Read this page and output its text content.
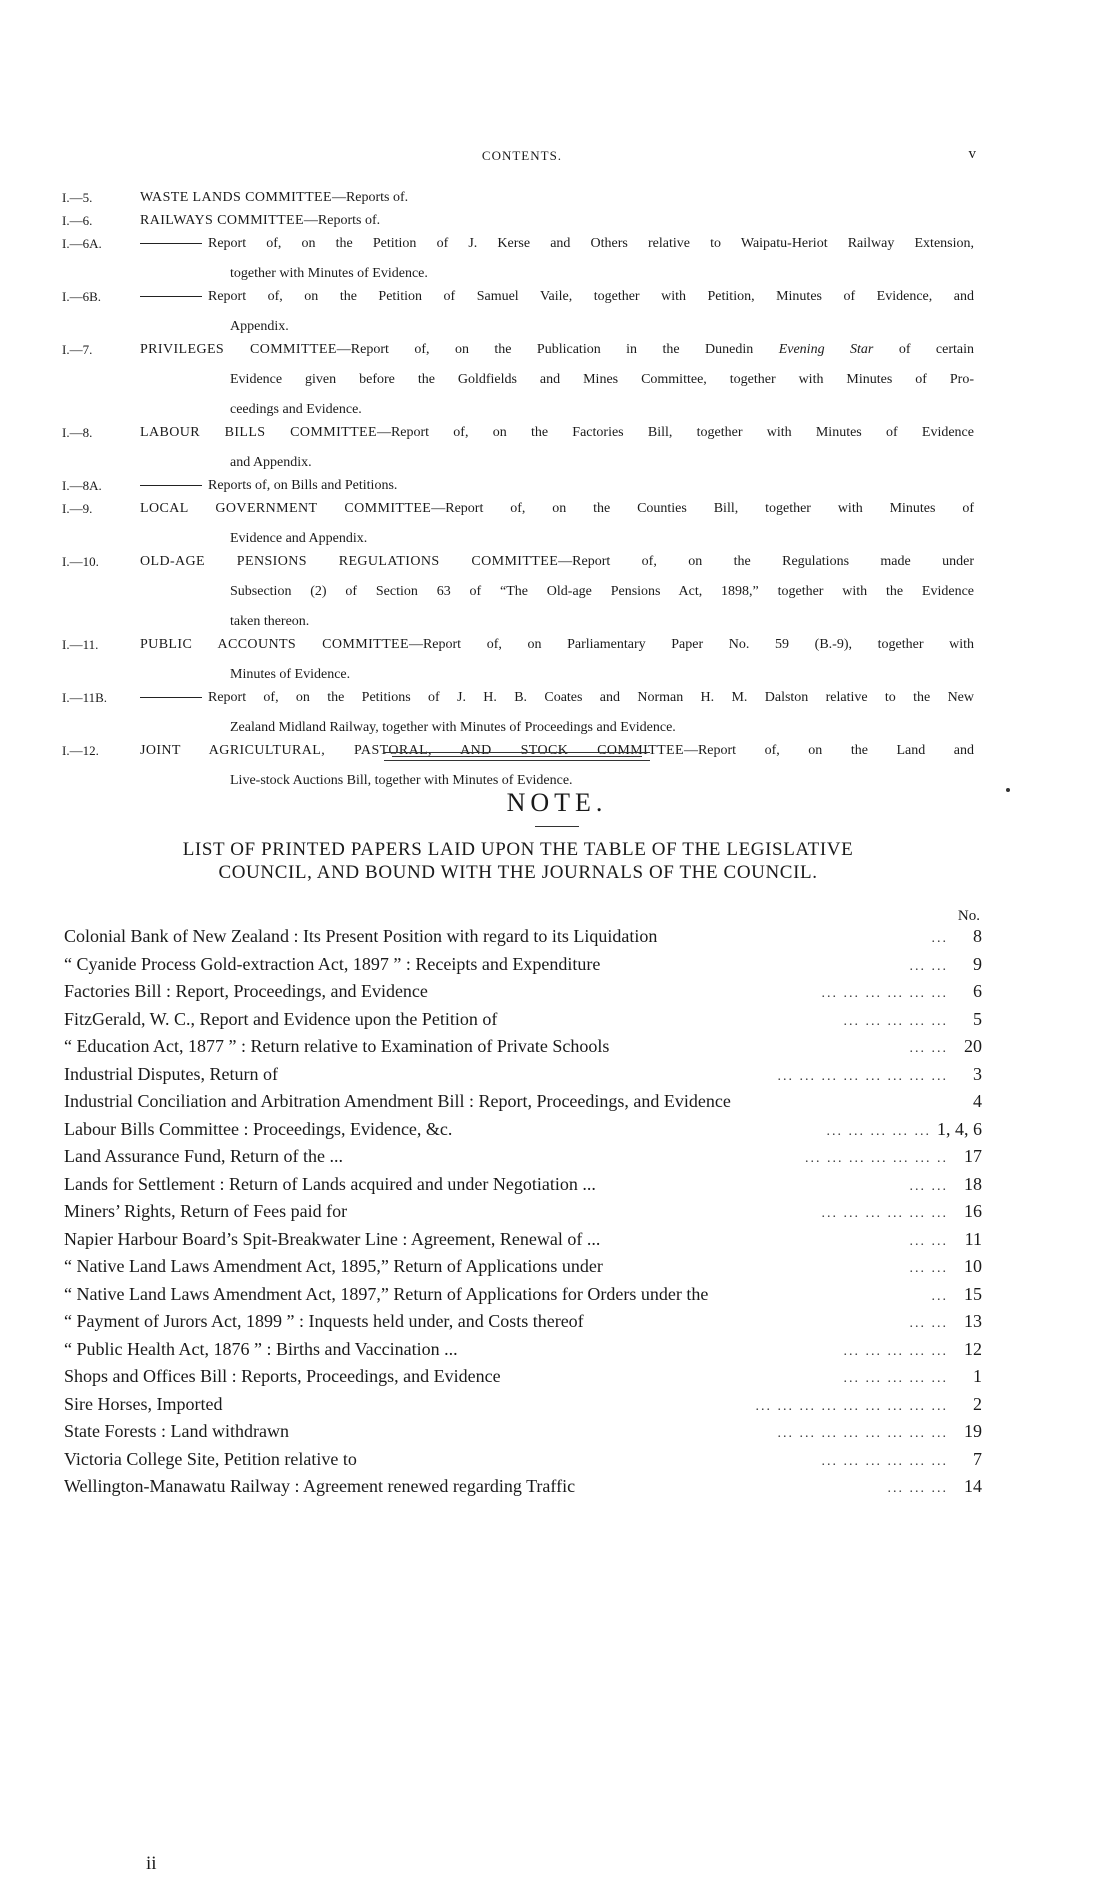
CONTENTS.	v
I.—5.	WASTE LANDS COMMITTEE—Reports of.
I.—6.	RAILWAYS COMMITTEE—Reports of.
I.—6A.	Report of, on the Petition of J. Kerse and Others relative to Waipatu-Heriot Railway Extension,
together with Minutes of Evidence.
I.—6B.	Report of, on the Petition of Samuel Vaile, together with Petition, Minutes of Evidence, and
Appendix.
I.—7.	PRIVILEGES COMMITTEE—Report of, on the Publication in the Dunedin Evening Star of certain
Evidence given before the Goldfields and Mines Committee, together with Minutes of Pro-
ceedings and Evidence.
I.—8.	LABOUR BILLS COMMITTEE—Report of, on the Factories Bill, together with Minutes of Evidence
and Appendix.
I.—8A.	Reports of, on Bills and Petitions.
I.—9.	LOCAL GOVERNMENT COMMITTEE—Report of, on the Counties Bill, together with Minutes of
Evidence and Appendix.
I.—10.	OLD-AGE PENSIONS REGULATIONS COMMITTEE—Report of, on the Regulations made under
Subsection (2) of Section 63 of “The Old-age Pensions Act, 1898,” together with the Evidence
taken thereon.
I.—11.	PUBLIC ACCOUNTS COMMITTEE—Report of, on Parliamentary Paper No. 59 (B.-9), together with
Minutes of Evidence.
I.—11B.	Report of, on the Petitions of J. H. B. Coates and Norman H. M. Dalston relative to the New
Zealand Midland Railway, together with Minutes of Proceedings and Evidence.
I.—12.	JOINT AGRICULTURAL, PASTORAL, AND STOCK COMMITTEE—Report of, on the Land and
Live-stock Auctions Bill, together with Minutes of Evidence.
NOTE.
LIST OF PRINTED PAPERS LAID UPON THE TABLE OF THE LEGISLATIVE
COUNCIL, AND BOUND WITH THE JOURNALS OF THE COUNCIL.
No.
Colonial Bank of New Zealand : Its Present Position with regard to its Liquidation	...	8
“ Cyanide Process Gold-extraction Act, 1897 ” : Receipts and Expenditure	... ...	9
Factories Bill : Report, Proceedings, and Evidence	... ... ... ... ... ...	6
FitzGerald, W. C., Report and Evidence upon the Petition of	... ... ... ... ...	5
“ Education Act, 1877 ” : Return relative to Examination of Private Schools	... ... 20
Industrial Disputes, Return of	... ... ... ... ... ... ... ...	3
Industrial Conciliation and Arbitration Amendment Bill : Report, Proceedings, and Evidence	4
Labour Bills Committee : Proceedings, Evidence, &c.	... ... ... ... ... 1, 4, 6
Land Assurance Fund, Return of the ...	... ... ... ... ... ... .. 17
Lands for Settlement : Return of Lands acquired and under Negotiation ...	... ... 18
Miners’ Rights, Return of Fees paid for	... ... ... ... ... ... 16
Napier Harbour Board’s Spit-Breakwater Line : Agreement, Renewal of ...	... ... 11
“ Native Land Laws Amendment Act, 1895,” Return of Applications under	... ... 10
“ Native Land Laws Amendment Act, 1897,” Return of Applications for Orders under the	... 15
“ Payment of Jurors Act, 1899 ” : Inquests held under, and Costs thereof	... ... 13
“ Public Health Act, 1876 ” : Births and Vaccination ...	... ... ... ... ... 12
Shops and Offices Bill : Reports, Proceedings, and Evidence	... ... ... ... ...	1
Sire Horses, Imported	... ... ... ... ... ... ... ... ...	2
State Forests : Land withdrawn	... ... ... ... ... ... ... ... 19
Victoria College Site, Petition relative to	... ... ... ... ... ...	7
Wellington-Manawatu Railway : Agreement renewed regarding Traffic	... ... ... 14
ii
